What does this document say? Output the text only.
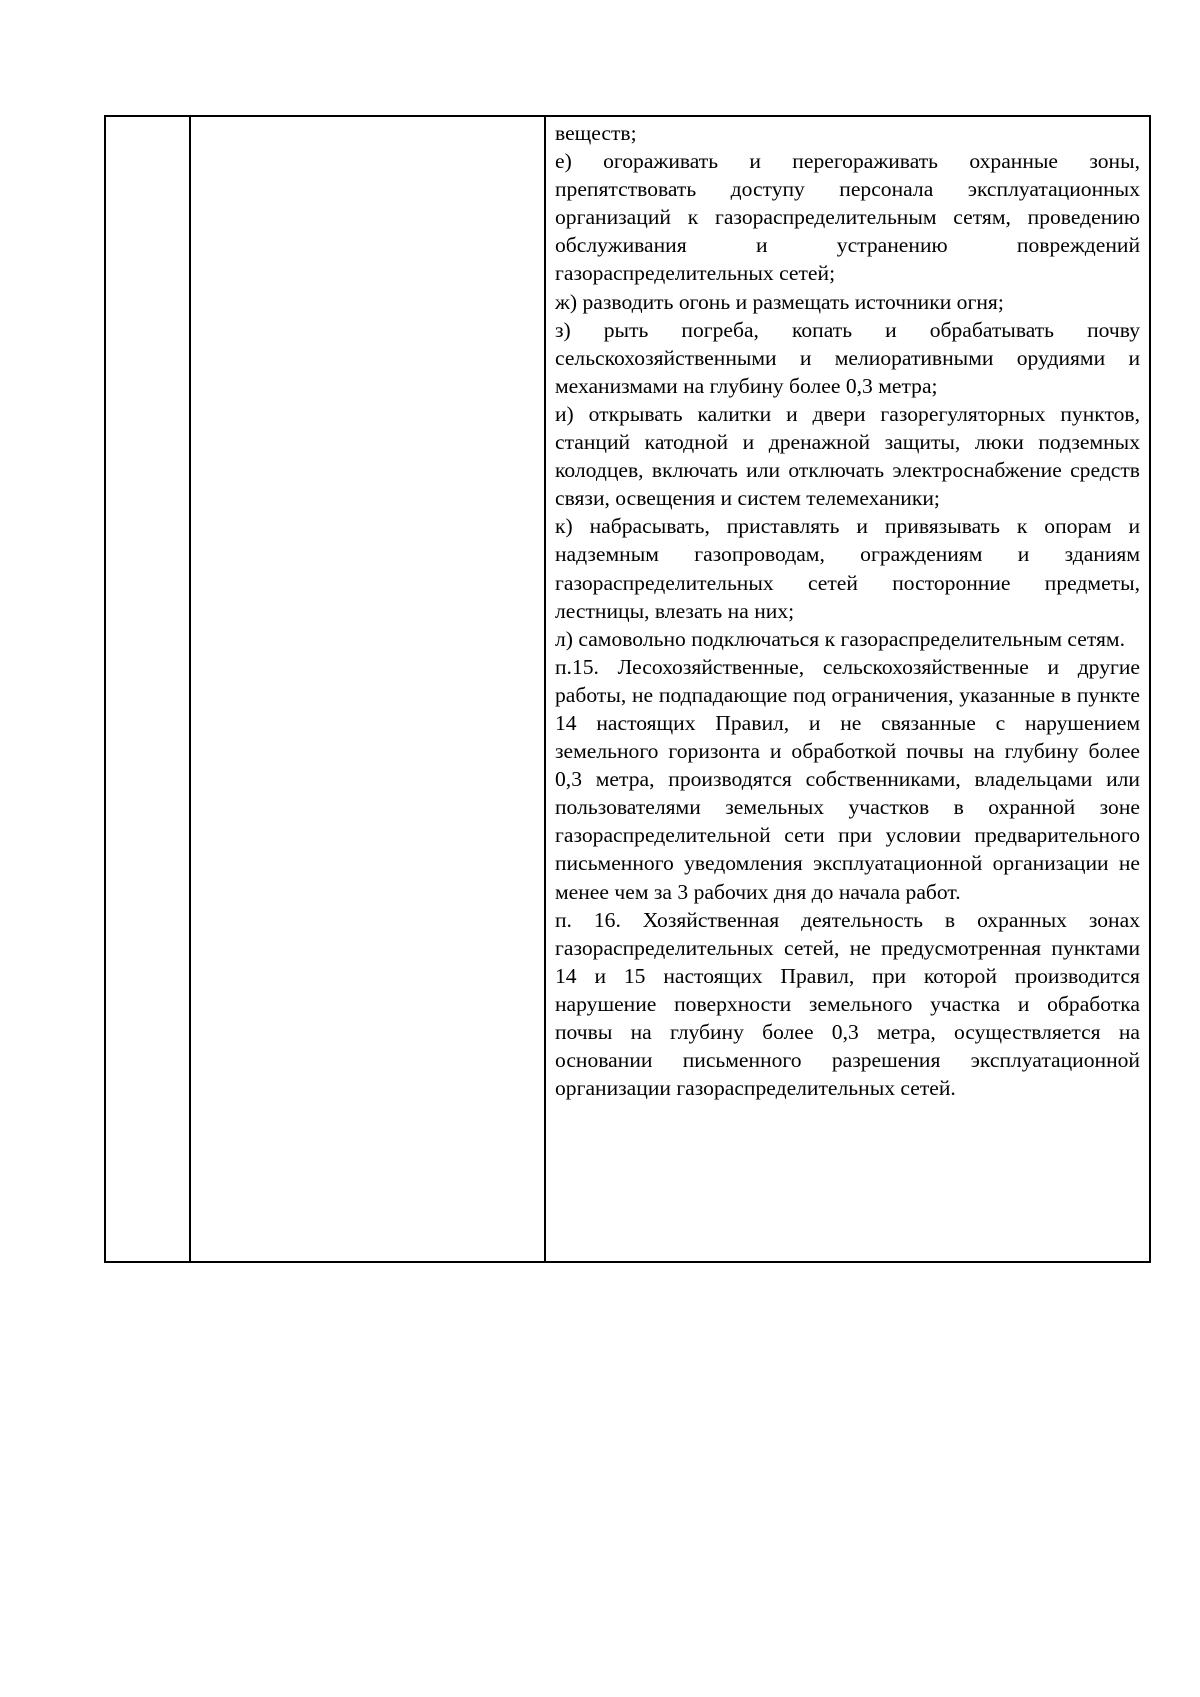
веществ;

е) огораживать и перегораживать охранные зоны, препятствовать доступу персонала эксплуатационных организаций к газораспределительным сетям, проведению обслуживания и устранению повреждений газораспределительных сетей;

ж) разводить огонь и размещать источники огня;

з) рыть погреба, копать и обрабатывать почву сельскохозяйственными и мелиоративными орудиями и механизмами на глубину более 0,3 метра;

и) открывать калитки и двери газорегуляторных пунктов, станций катодной и дренажной защиты, люки подземных колодцев, включать или отключать электроснабжение средств связи, освещения и систем телемеханики;

к) набрасывать, приставлять и привязывать к опорам и надземным газопроводам, ограждениям и зданиям газораспределительных сетей посторонние предметы, лестницы, влезать на них;

л) самовольно подключаться к газораспределительным сетям.

п.15. Лесохозяйственные, сельскохозяйственные и другие работы, не подпадающие под ограничения, указанные в пункте 14 настоящих Правил, и не связанные с нарушением земельного горизонта и обработкой почвы на глубину более 0,3 метра, производятся собственниками, владельцами или пользователями земельных участков в охранной зоне газораспределительной сети при условии предварительного письменного уведомления эксплуатационной организации не менее чем за 3 рабочих дня до начала работ.

п. 16. Хозяйственная деятельность в охранных зонах газораспределительных сетей, не предусмотренная пунктами 14 и 15 настоящих Правил, при которой производится нарушение поверхности земельного участка и обработка почвы на глубину более 0,3 метра, осуществляется на основании письменного разрешения эксплуатационной организации газораспределительных сетей.
